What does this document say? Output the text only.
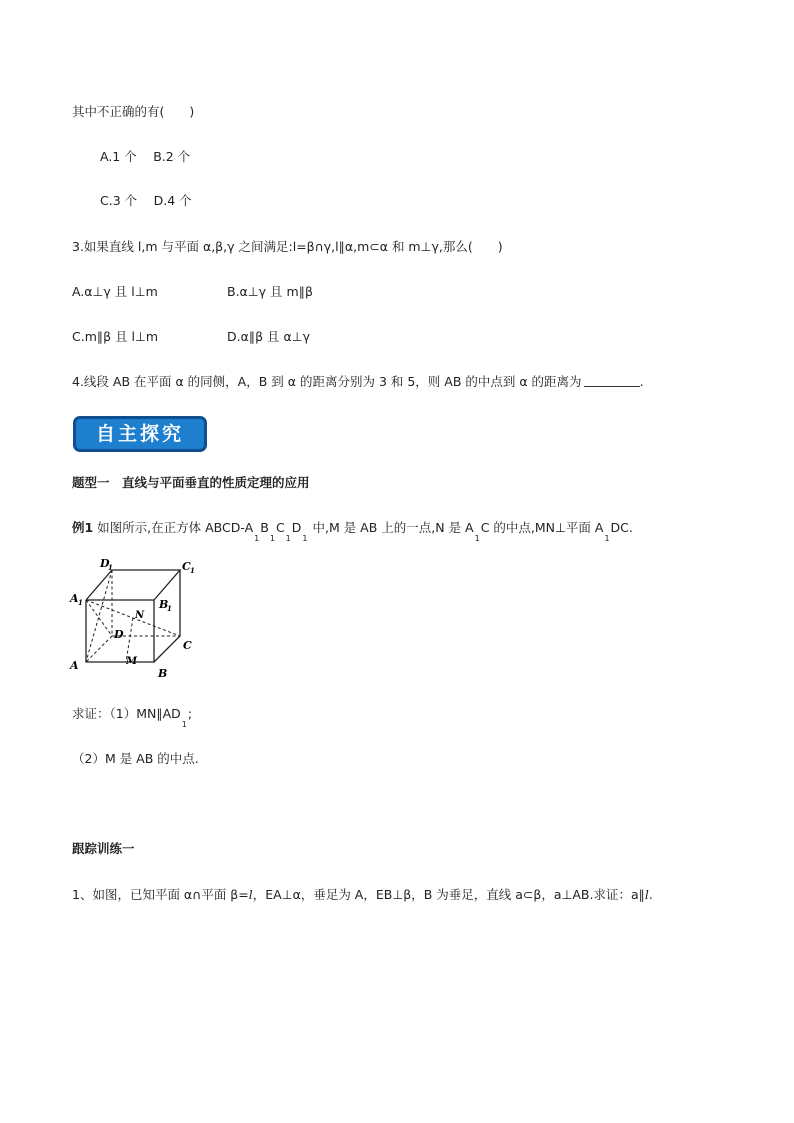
其中不正确的有(　　)
A.1 个　 B.2 个
C.3 个　 D.4 个
3.如果直线 l,m 与平面 α,β,γ 之间满足:l=β∩γ,l∥α,m⊂α 和 m⊥γ,那么(　　)
A.α⊥γ 且 l⊥m	B.α⊥γ 且 m∥β
C.m∥β 且 l⊥m	D.α∥β 且 α⊥γ
4.线段 AB 在平面 α 的同侧，A，B 到 α 的距离分别为 3 和 5，则 AB 的中点到 α 的距离为	.
自主探究
题型一　直线与平面垂直的性质定理的应用
例1 如图所示,在正方体 ABCD-$A_1B_1C_1D_1$ 中,M 是 AB 上的一点,N 是 $A_1C$ 的中点,MN⊥平面 $A_1DC$.
A
B
C
D
A 1	B
1
C 1
D
1
M
N
求证：$(1)MN\parallel AD_1$;
（2）M 是 AB 的中点.
跟踪训练一
1、如图，已知平面 α∩平面 β=l，EA⊥α，垂足为 A，EB⊥β，B 为垂足，直线 a⊂β，a⊥AB.求证：a∥l.
